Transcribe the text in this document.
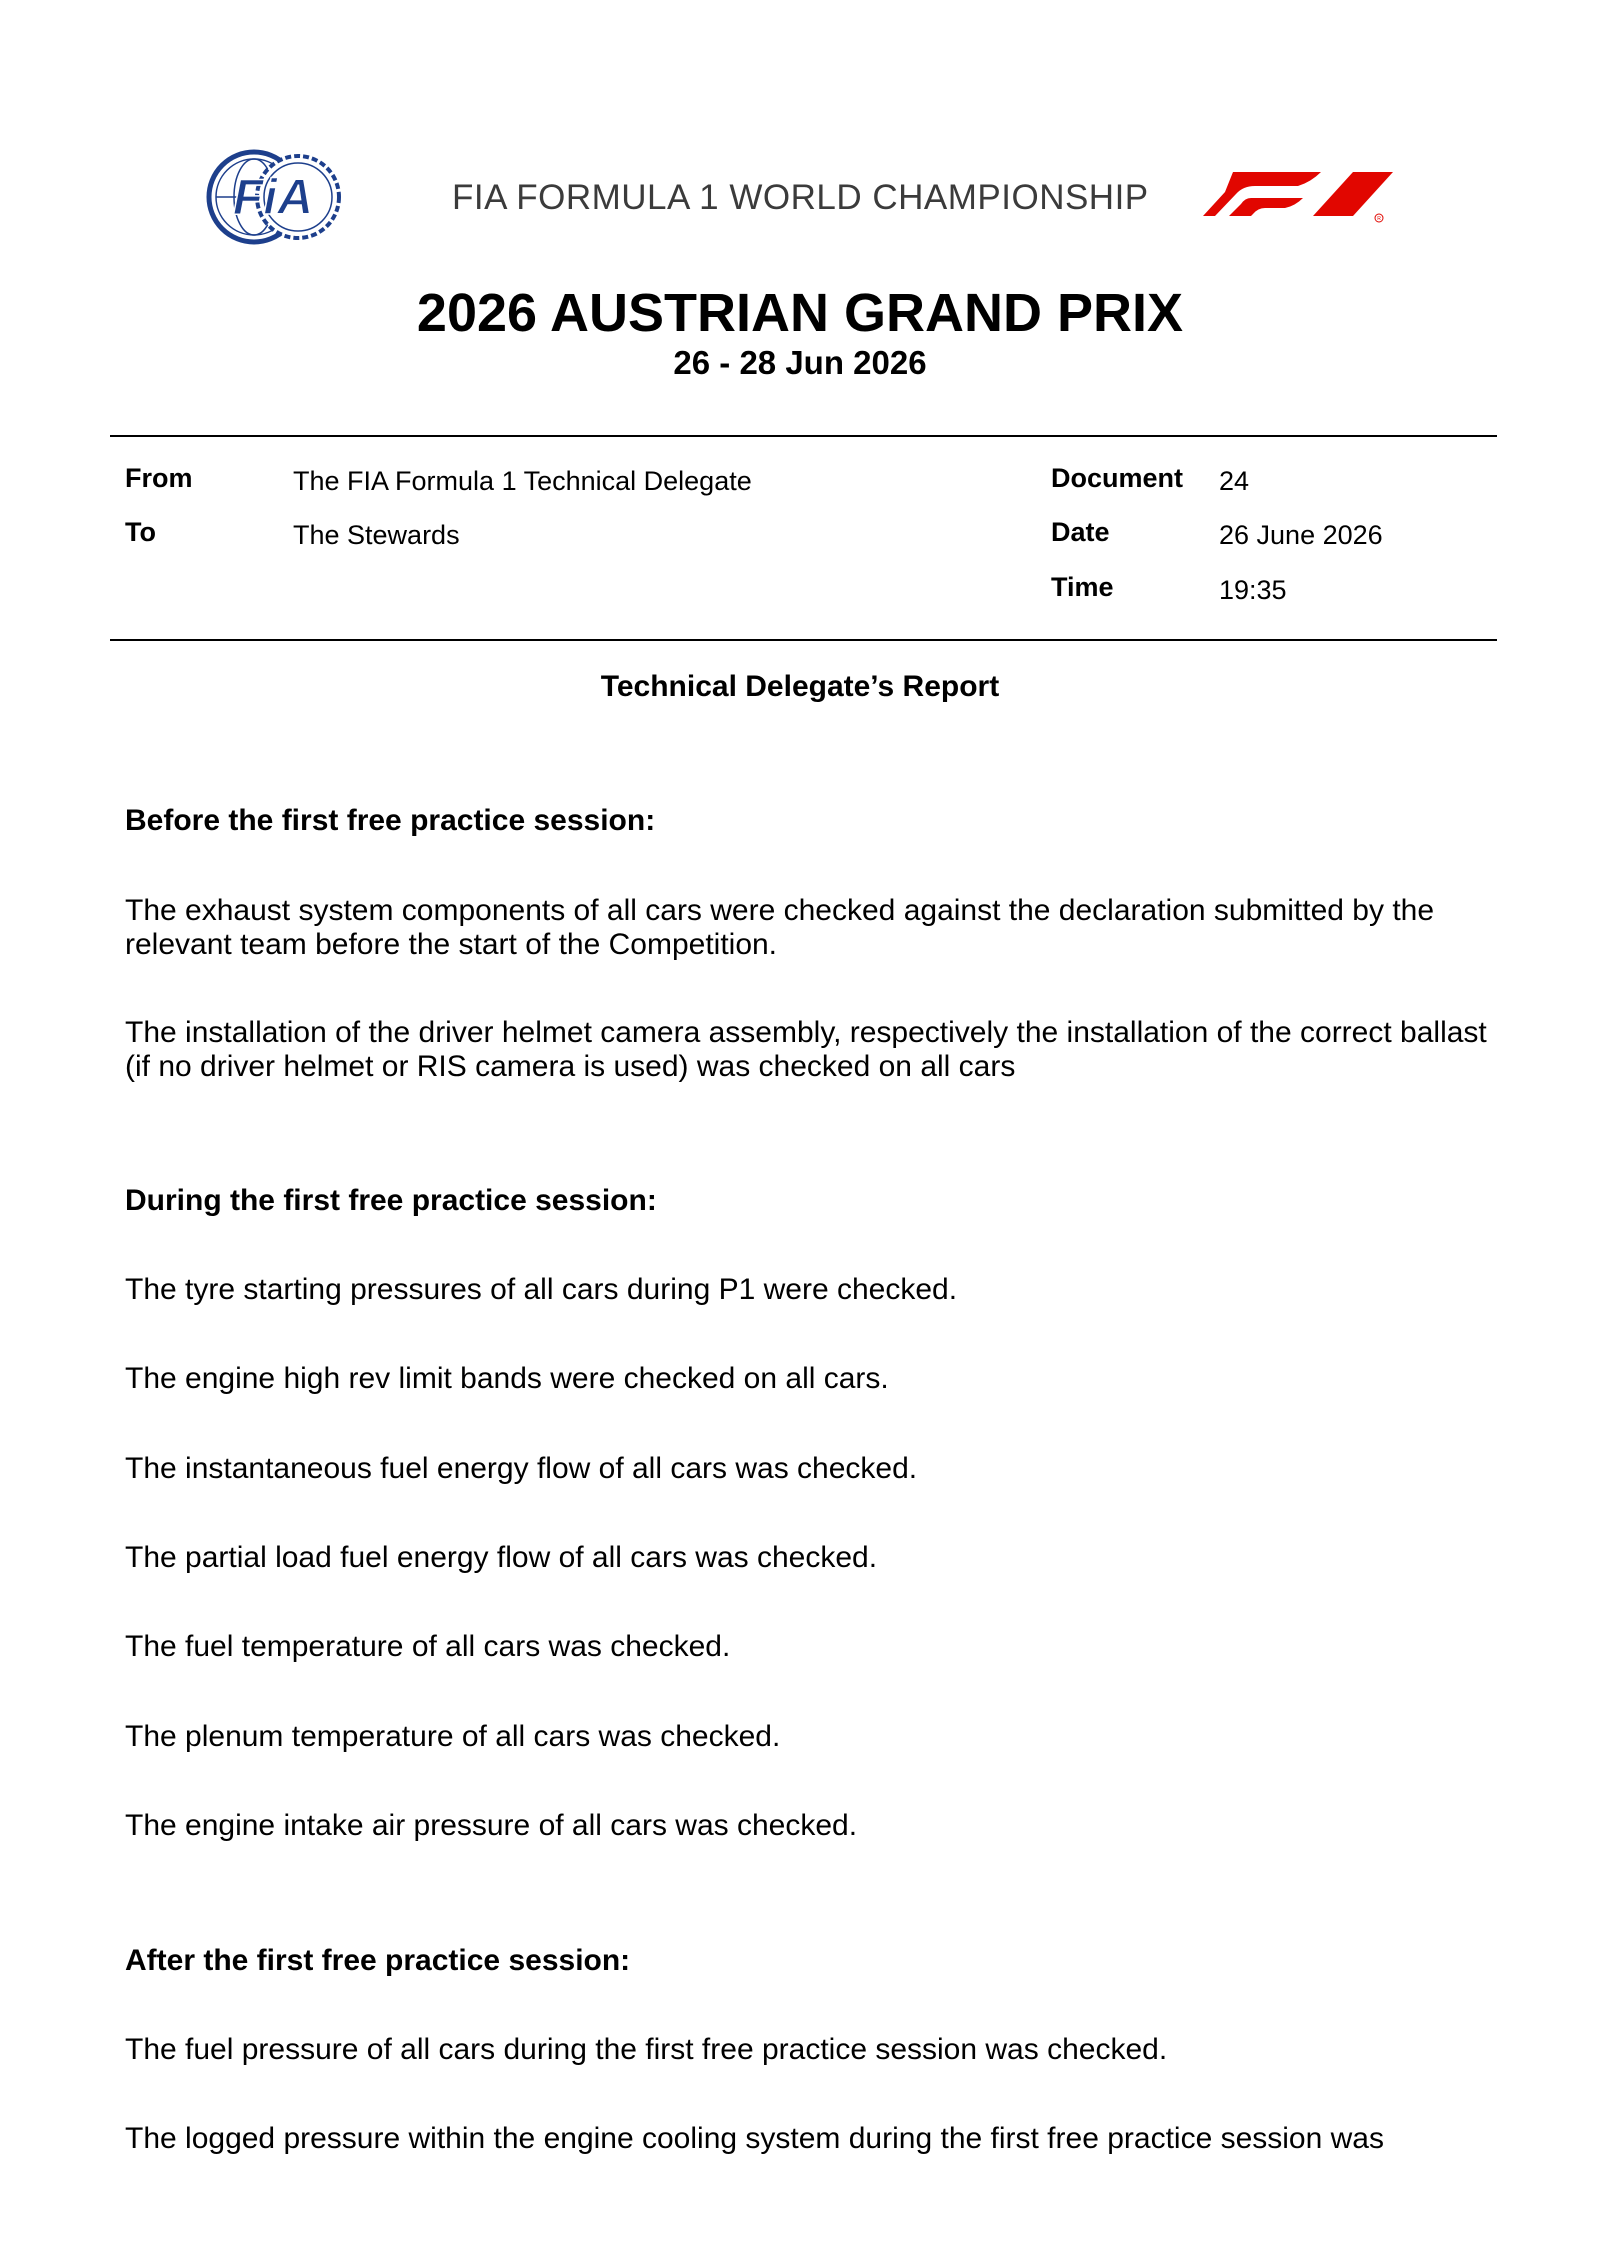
FiA	FIA FORMULA 1 WORLD CHAMPIONSHIP
R
2026 AUSTRIAN GRAND PRIX
26 - 28 Jun 2026
From	The FIA Formula 1 Technical Delegate
To	The Stewards
Document 24
Date	26 June 2026
Time	19:35
Technical Delegate’s Report
Before the first free practice session:
The exhaust system components of all cars were checked against the declaration submitted by the relevant team before the start of the Competition.
The installation of the driver helmet camera assembly, respectively the installation of the correct ballast (if no driver helmet or RIS camera is used) was checked on all cars
During the first free practice session:
The tyre starting pressures of all cars during P1 were checked.
The engine high rev limit bands were checked on all cars.
The instantaneous fuel energy flow of all cars was checked.
The partial load fuel energy flow of all cars was checked.
The fuel temperature of all cars was checked.
The plenum temperature of all cars was checked.
The engine intake air pressure of all cars was checked.
After the first free practice session:
The fuel pressure of all cars during the first free practice session was checked.
The logged pressure within the engine cooling system during the first free practice session was
